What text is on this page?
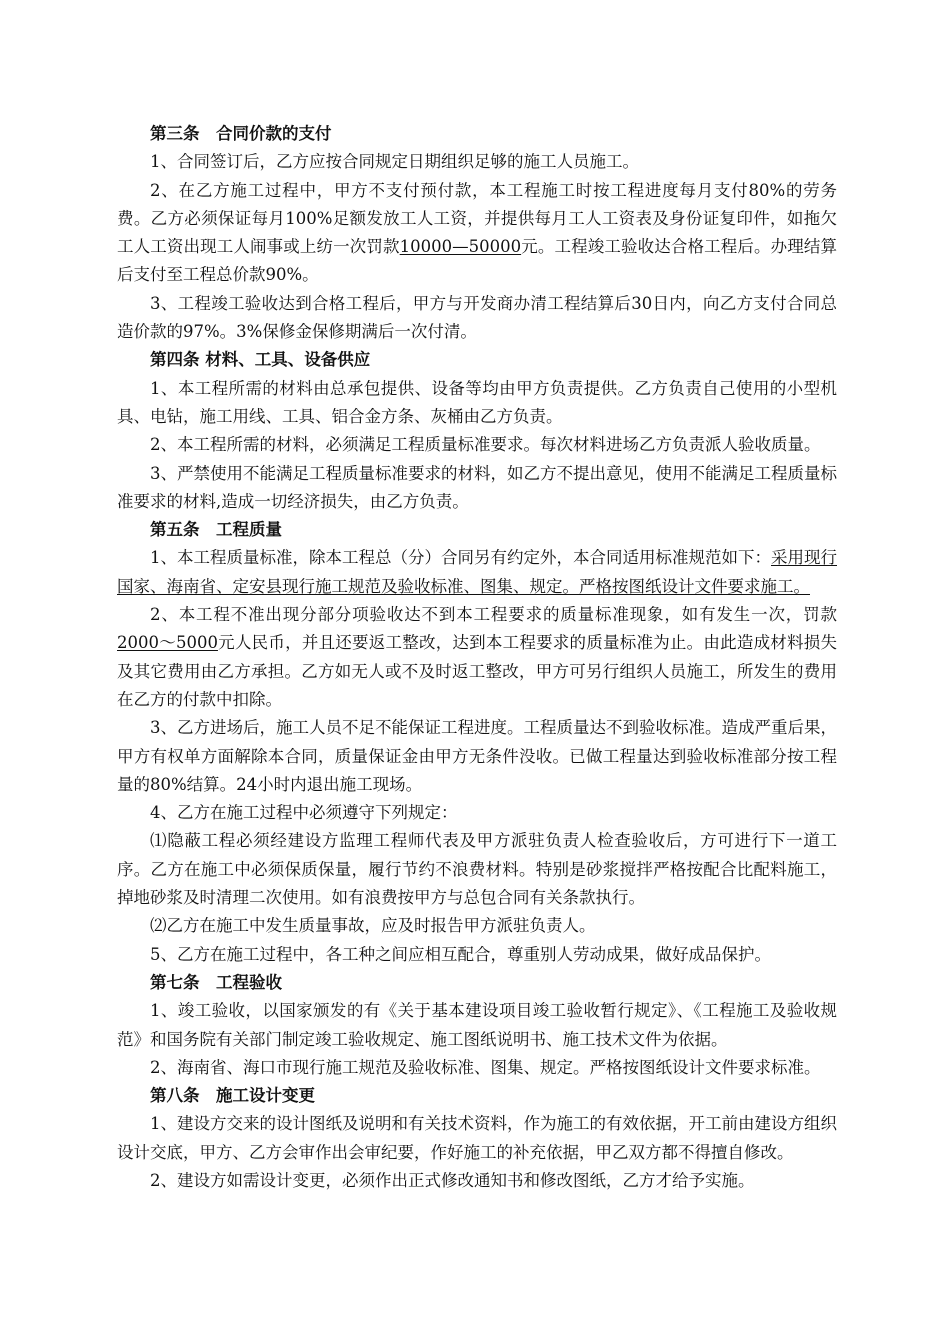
第三条　合同价款的支付

1、合同签订后，乙方应按合同规定日期组织足够的施工人员施工。

2、在乙方施工过程中，甲方不支付预付款，本工程施工时按工程进度每月支付80%的劳务费。乙方必须保证每月100%足额发放工人工资，并提供每月工人工资表及身份证复印件，如拖欠工人工资出现工人闹事或上纺一次罚款10000—50000元。工程竣工验收达合格工程后。办理结算后支付至工程总价款90%。

3、工程竣工验收达到合格工程后，甲方与开发商办清工程结算后30日内，向乙方支付合同总造价款的97%。3%保修金保修期满后一次付清。

第四条 材料、工具、设备供应

1、本工程所需的材料由总承包提供、设备等均由甲方负责提供。乙方负责自己使用的小型机具、电钻，施工用线、工具、铝合金方条、灰桶由乙方负责。

2、本工程所需的材料，必须满足工程质量标准要求。每次材料进场乙方负责派人验收质量。

3、严禁使用不能满足工程质量标准要求的材料，如乙方不提出意见，使用不能满足工程质量标准要求的材料,造成一切经济损失，由乙方负责。

第五条　工程质量

1、本工程质量标准，除本工程总（分）合同另有约定外，本合同适用标准规范如下：采用现行国家、海南省、定安县现行施工规范及验收标准、图集、规定。严格按图纸设计文件要求施工。

2、本工程不准出现分部分项验收达不到本工程要求的质量标准现象，如有发生一次，罚款2000～5000元人民币，并且还要返工整改，达到本工程要求的质量标准为止。由此造成材料损失及其它费用由乙方承担。乙方如无人或不及时返工整改，甲方可另行组织人员施工，所发生的费用在乙方的付款中扣除。

3、乙方进场后，施工人员不足不能保证工程进度。工程质量达不到验收标准。造成严重后果，甲方有权单方面解除本合同，质量保证金由甲方无条件没收。已做工程量达到验收标准部分按工程量的80%结算。24小时内退出施工现场。

4、乙方在施工过程中必须遵守下列规定：

⑴隐蔽工程必须经建设方监理工程师代表及甲方派驻负责人检查验收后，方可进行下一道工序。乙方在施工中必须保质保量，履行节约不浪费材料。特别是砂浆搅拌严格按配合比配料施工，掉地砂浆及时清理二次使用。如有浪费按甲方与总包合同有关条款执行。

⑵乙方在施工中发生质量事故，应及时报告甲方派驻负责人。

5、乙方在施工过程中，各工种之间应相互配合，尊重别人劳动成果，做好成品保护。

第七条　工程验收

1、竣工验收，以国家颁发的有《关于基本建设项目竣工验收暂行规定》、《工程施工及验收规范》和国务院有关部门制定竣工验收规定、施工图纸说明书、施工技术文件为依据。

2、海南省、海口市现行施工规范及验收标准、图集、规定。严格按图纸设计文件要求标准。

第八条　施工设计变更

1、建设方交来的设计图纸及说明和有关技术资料，作为施工的有效依据，开工前由建设方组织设计交底，甲方、乙方会审作出会审纪要，作好施工的补充依据，甲乙双方都不得擅自修改。

2、建设方如需设计变更，必须作出正式修改通知书和修改图纸，乙方才给予实施。
